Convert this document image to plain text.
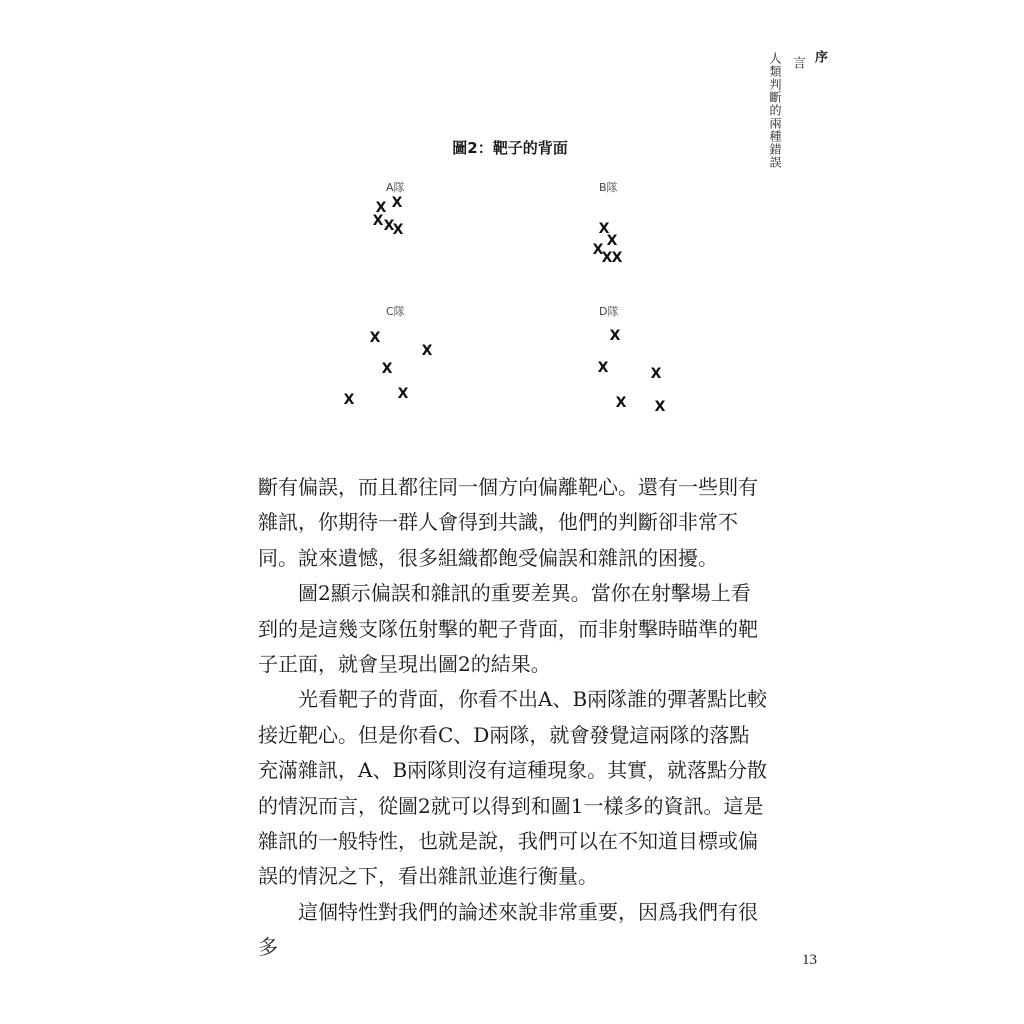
序
言
人類判斷的兩種錯誤
圖2：靶子的背面
A隊	B隊
C隊	D隊
X
X
X X
X	X
X
X
X X
X
X
X
X
X
X
X	X
X X

斷有偏誤，而且都往同一個方向偏離靶心。還有一些則有雜訊，你期待一群人會得到共識，他們的判斷卻非常不同。說來遺憾，很多組織都飽受偏誤和雜訊的困擾。

圖2顯示偏誤和雜訊的重要差異。當你在射擊場上看到的是這幾支隊伍射擊的靶子背面，而非射擊時瞄準的靶子正面，就會呈現出圖2的結果。

光看靶子的背面，你看不出A、B兩隊誰的彈著點比較接近靶心。但是你看C、D兩隊，就會發覺這兩隊的落點充滿雜訊，A、B兩隊則沒有這種現象。其實，就落點分散的情況而言，從圖2就可以得到和圖1一樣多的資訊。這是雜訊的一般特性，也就是說，我們可以在不知道目標或偏誤的情況之下，看出雜訊並進行衡量。

這個特性對我們的論述來說非常重要，因爲我們有很多

13
